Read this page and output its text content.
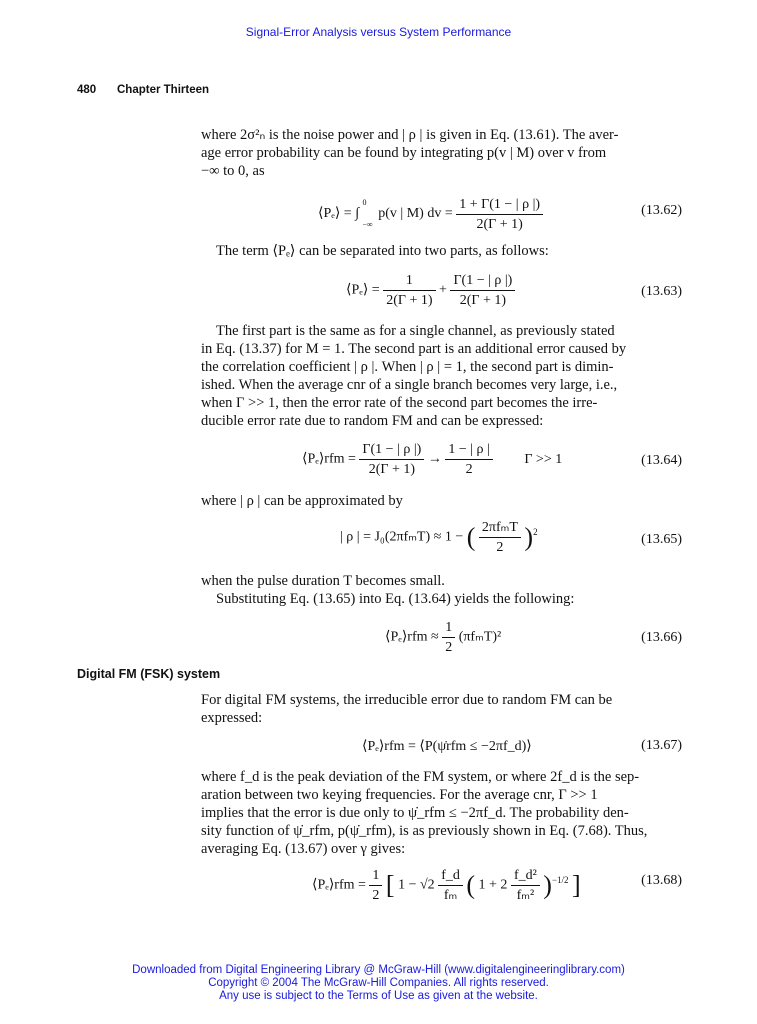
Signal-Error Analysis versus System Performance
480 Chapter Thirteen
where 2σ²ₙ is the noise power and | ρ | is given in Eq. (13.61). The aver-
age error probability can be found by integrating p(v | M) over v from
−∞ to 0, as
⟨Pₑ⟩ = ∫
0
−∞
p(v | M) dv = $\frac{1 + \Gamma(1 - | \rho |)}{2(\Gamma + 1)}$	(13.62)
The term ⟨Pₑ⟩ can be separated into two parts, as follows:
⟨Pₑ⟩ = $\frac{1}{2(\Gamma + 1)} + \frac{\Gamma(1 - | \rho |)}{2(\Gamma + 1)}$	(13.63)
The first part is the same as for a single channel, as previously stated
in Eq. (13.37) for M = 1. The second part is an additional error caused by
the correlation coefficient | ρ |. When | ρ | = 1, the second part is dimin-
ished. When the average cnr of a single branch becomes very large, i.e.,
when Γ >> 1, then the error rate of the second part becomes the irre-
ducible error rate due to random FM and can be expressed:
⟨Pₑ⟩rfm = $\frac{\Gamma(1 - | \rho |)}{2(\Gamma + 1)} \to \frac{1 - | \rho |}{2}$ Γ >> 1	(13.64)
where | ρ | can be approximated by
| ρ | = J₀(2πfₘT) ≈ 1 − ( $\frac{\text{2πfₘT}}{2} )^2$	(13.65)
when the pulse duration T becomes small.
Substituting Eq. (13.65) into Eq. (13.64) yields the following:
⟨Pₑ⟩rfm ≈ $\frac{1}{2} (\pi f_mT)^2$	(13.66)
Digital FM (FSK) system
For digital FM systems, the irreducible error due to random FM can be
expressed:
⟨Pₑ⟩rfm = ⟨P(ψ̇rfm ≤ −2πf_d)⟩	(13.67)
where f_d is the peak deviation of the FM system, or where 2f_d is the sep-
aration between two keying frequencies. For the average cnr, Γ >> 1
implies that the error is due only to ψ̇_rfm ≤ −2πf_d. The probability den-
sity function of ψ̇_rfm, p(ψ̇_rfm), is as previously shown in Eq. (7.68). Thus,
averaging Eq. (13.67) over γ gives:
⟨Pₑ⟩rfm = $\frac{1}{2}$ [ $1 - √2 \frac{f\_d}{\text{fₘ}}$ ( $1 + 2 \frac{\text{f\_d²}}{\text{fₘ²}} )^{-1/2}$ ]	(13.68)
Downloaded from Digital Engineering Library @ McGraw-Hill (www.digitalengineeringlibrary.com)
Copyright © 2004 The McGraw-Hill Companies. All rights reserved.
Any use is subject to the Terms of Use as given at the website.
